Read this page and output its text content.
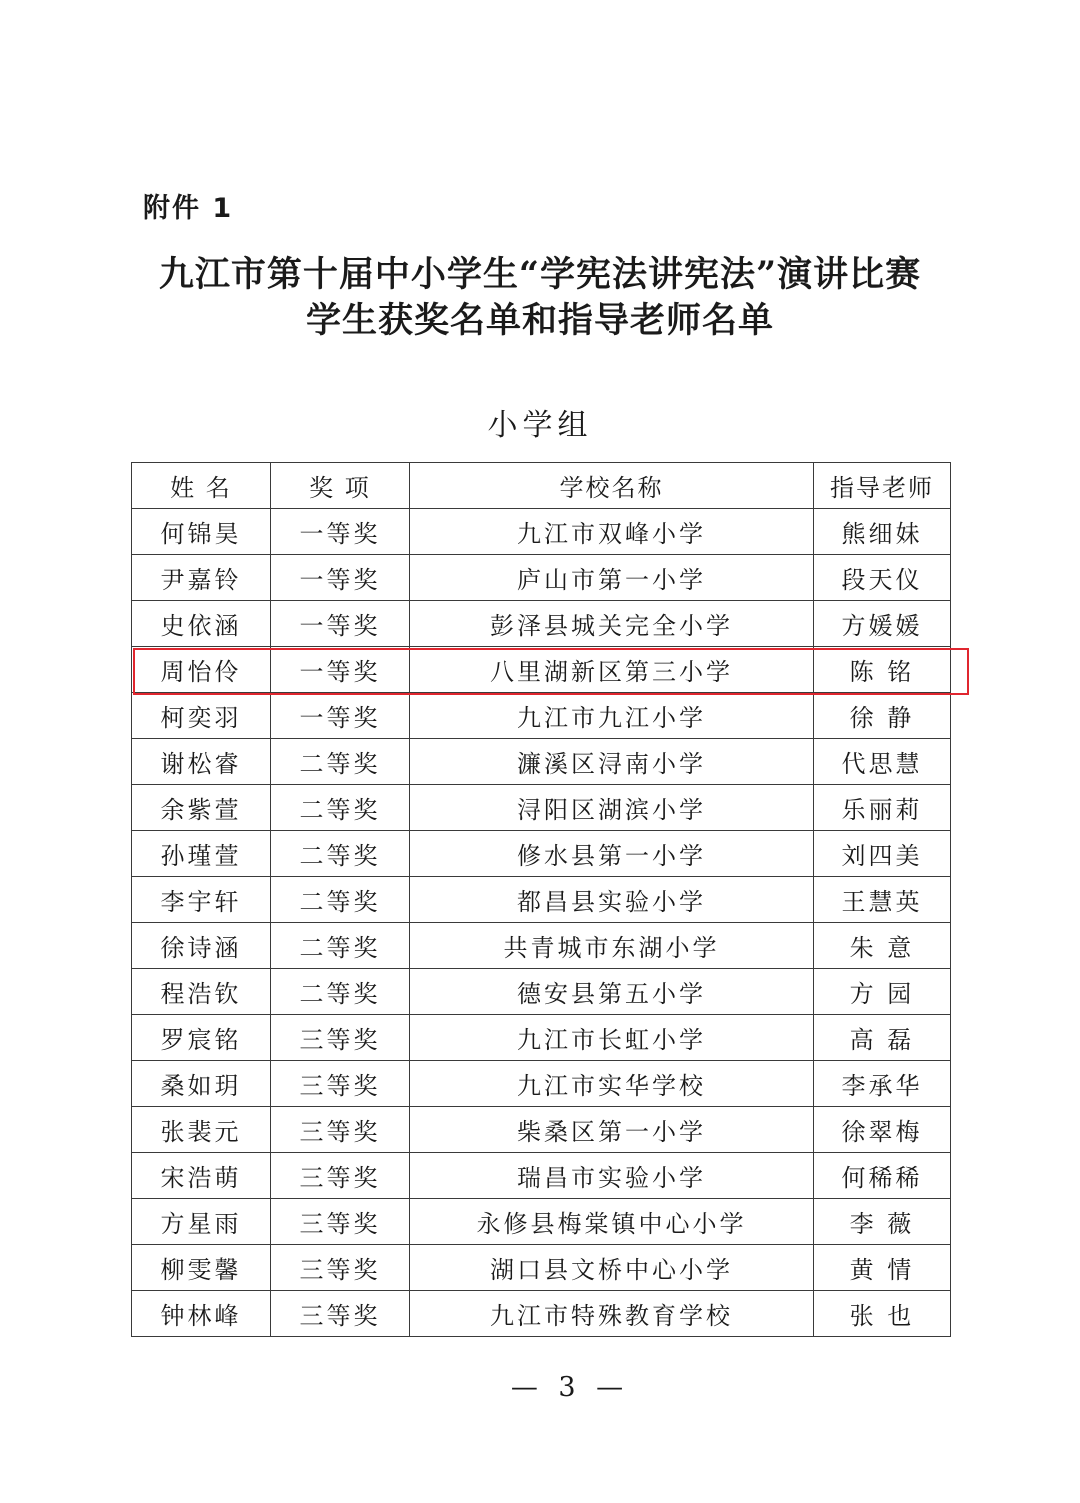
附件 1
九江市第十届中小学生“学宪法讲宪法”演讲比赛
学生获奖名单和指导老师名单
小学组
姓 名	奖 项	学校名称	指导老师
何锦昊	一等奖	九江市双峰小学	熊细妹
尹嘉铃	一等奖	庐山市第一小学	段天仪
史依涵	一等奖	彭泽县城关完全小学	方媛媛
周怡伶	一等奖	八里湖新区第三小学	陈 铭
柯奕羽	一等奖	九江市九江小学	徐 静
谢松睿	二等奖	濂溪区浔南小学	代思慧
余紫萱	二等奖	浔阳区湖滨小学	乐丽莉
孙瑾萱	二等奖	修水县第一小学	刘四美
李宇轩	二等奖	都昌县实验小学	王慧英
徐诗涵	二等奖	共青城市东湖小学	朱 意
程浩钦	二等奖	德安县第五小学	方 园
罗宸铭	三等奖	九江市长虹小学	高 磊
桑如玥	三等奖	九江市实华学校	李承华
张裴元	三等奖	柴桑区第一小学	徐翠梅
宋浩萌	三等奖	瑞昌市实验小学	何稀稀
方星雨	三等奖	永修县梅棠镇中心小学	李 薇
柳雯馨	三等奖	湖口县文桥中心小学	黄 情
钟林峰	三等奖	九江市特殊教育学校	张 也
— 3 —
